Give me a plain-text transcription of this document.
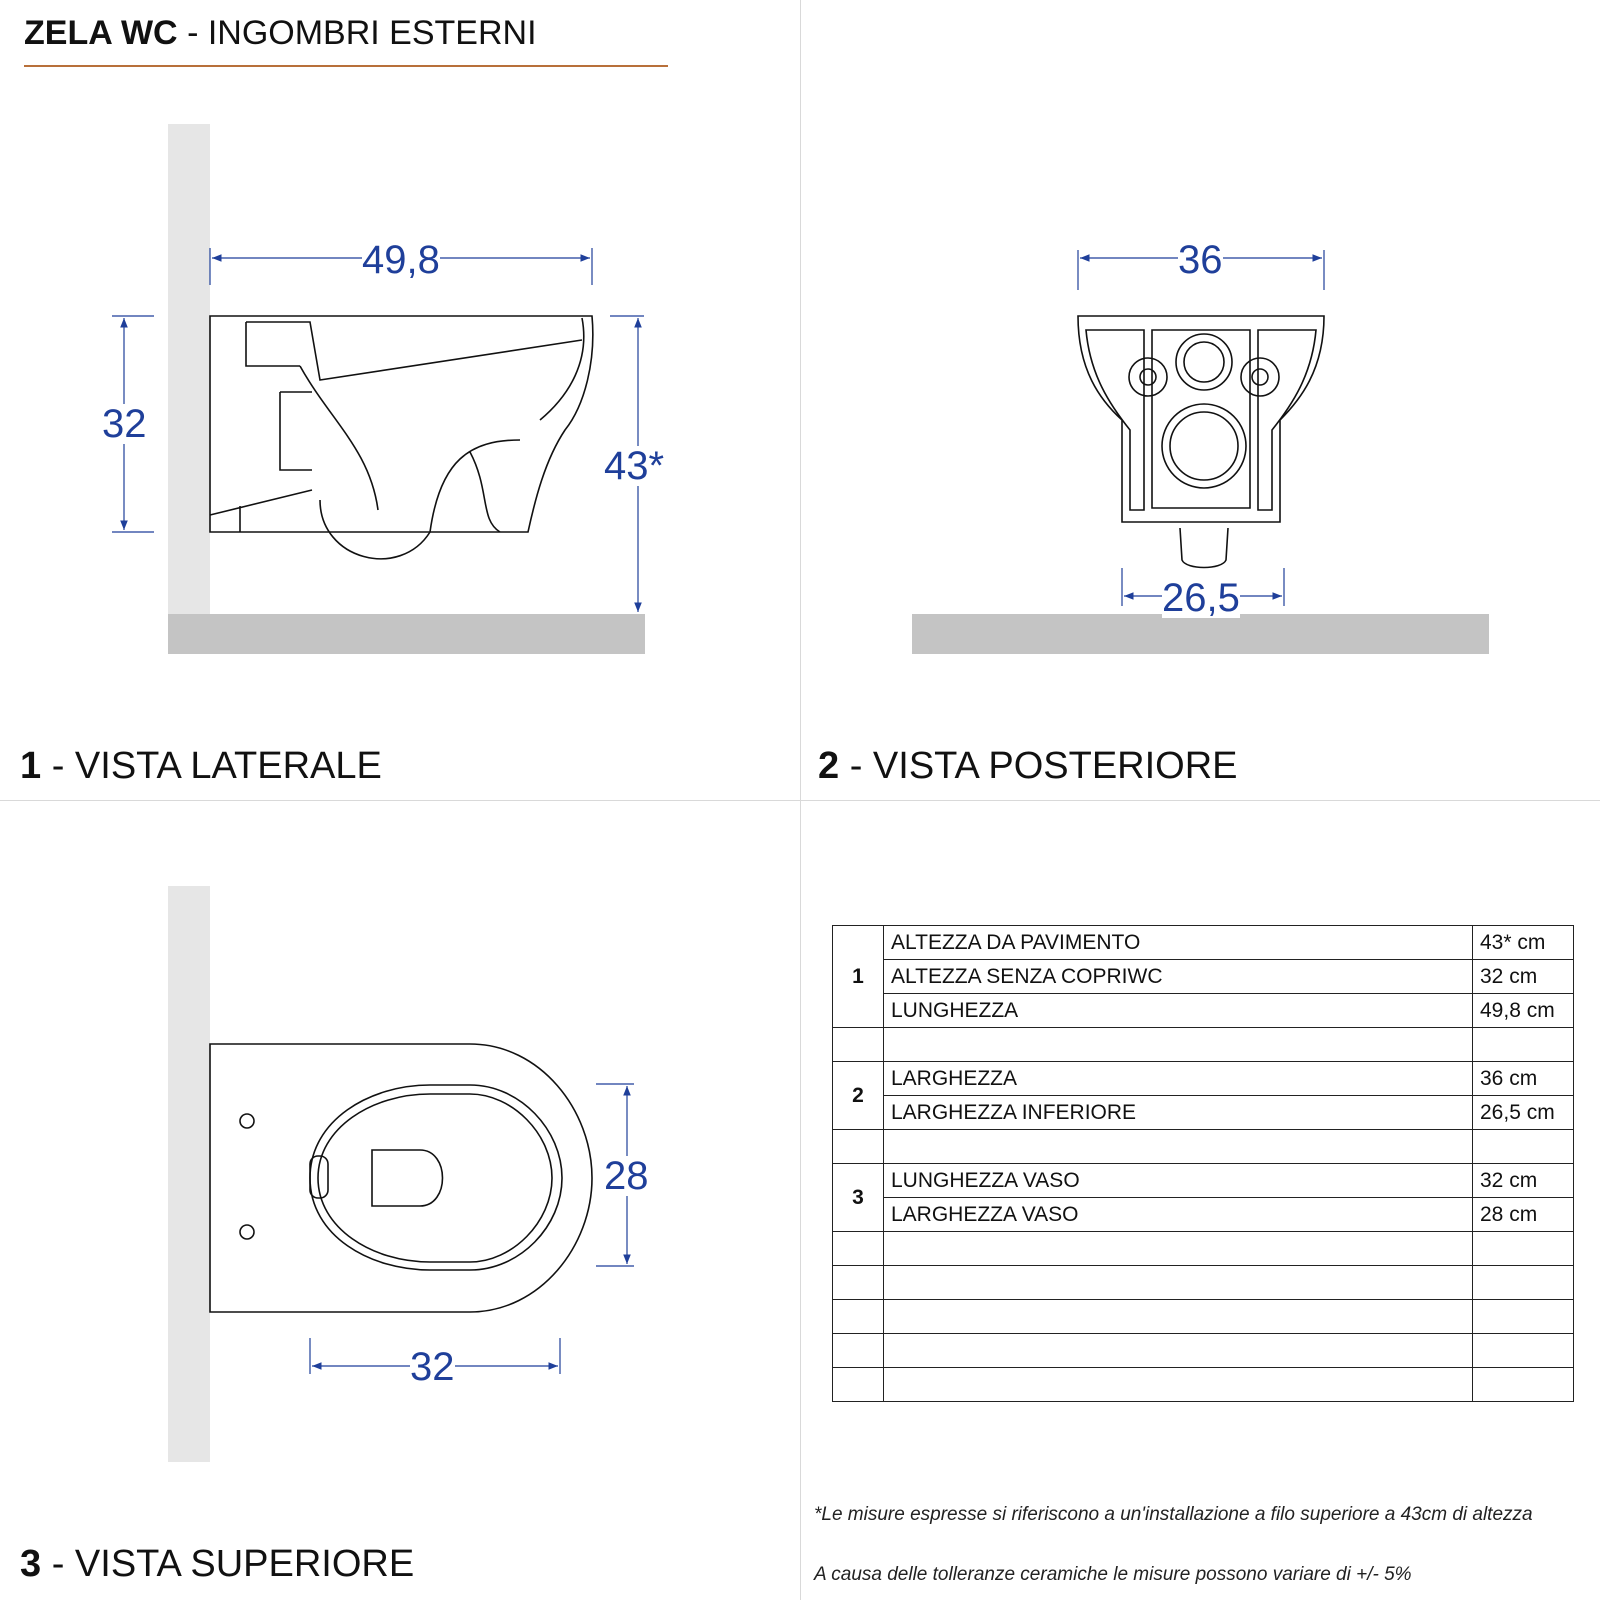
ZELA WC - INGOMBRI ESTERNI
49,8
32
43*
36
26,5
28
32
1 - VISTA LATERALE	2 - VISTA POSTERIORE
3 - VISTA SUPERIORE
1	ALTEZZA DA PAVIMENTO	43* cm
	ALTEZZA SENZA COPRIWC	32 cm
	LUNGHEZZA	49,8 cm

2	LARGHEZZA	36 cm
	LARGHEZZA INFERIORE	26,5 cm

3	LUNGHEZZA VASO	32 cm
	LARGHEZZA VASO	28 cm

*Le misure espresse si riferiscono a un'installazione a filo superiore a 43cm di altezza
A causa delle tolleranze ceramiche le misure possono variare di +/- 5%
